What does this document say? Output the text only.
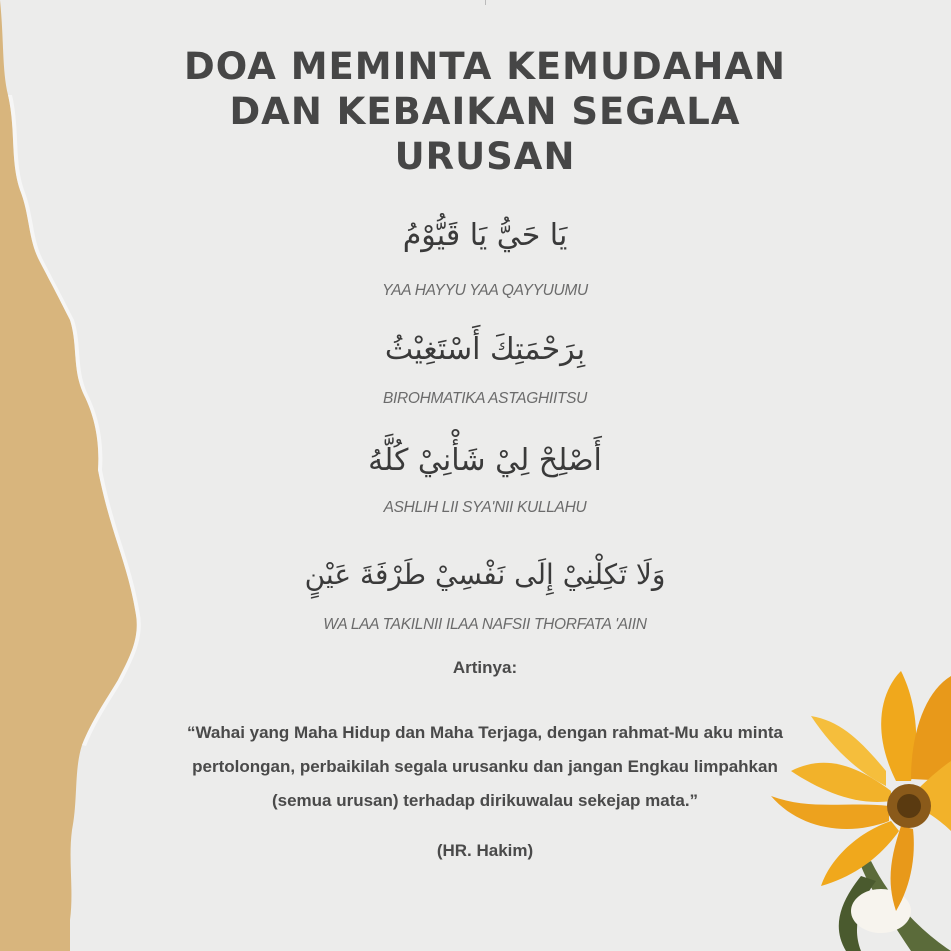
DOA MEMINTA KEMUDAHAN DAN KEBAIKAN SEGALA URUSAN
يَا حَيُّ يَا قَيُّوْمُ
YAA HAYYU YAA QAYYUUMU
بِرَحْمَتِكَ أَسْتَغِيْثُ
BIROHMATIKA ASTAGHIITSU
أَصْلِحْ لِيْ شَأْنِيْ كُلَّهُ
ASHLIH LII SYA'NII KULLAHU
وَلَا تَكِلْنِيْ إِلَى نَفْسِيْ طَرْفَةَ عَيْنٍ
WA LAA TAKILNII ILAA NAFSII THORFATA 'AIIN
Artinya:

“Wahai yang Maha Hidup dan Maha Terjaga, dengan rahmat-Mu aku minta pertolongan, perbaikilah segala urusanku dan jangan Engkau limpahkan (semua urusan) terhadap dirikuwalau sekejap mata.”

(HR. Hakim)
